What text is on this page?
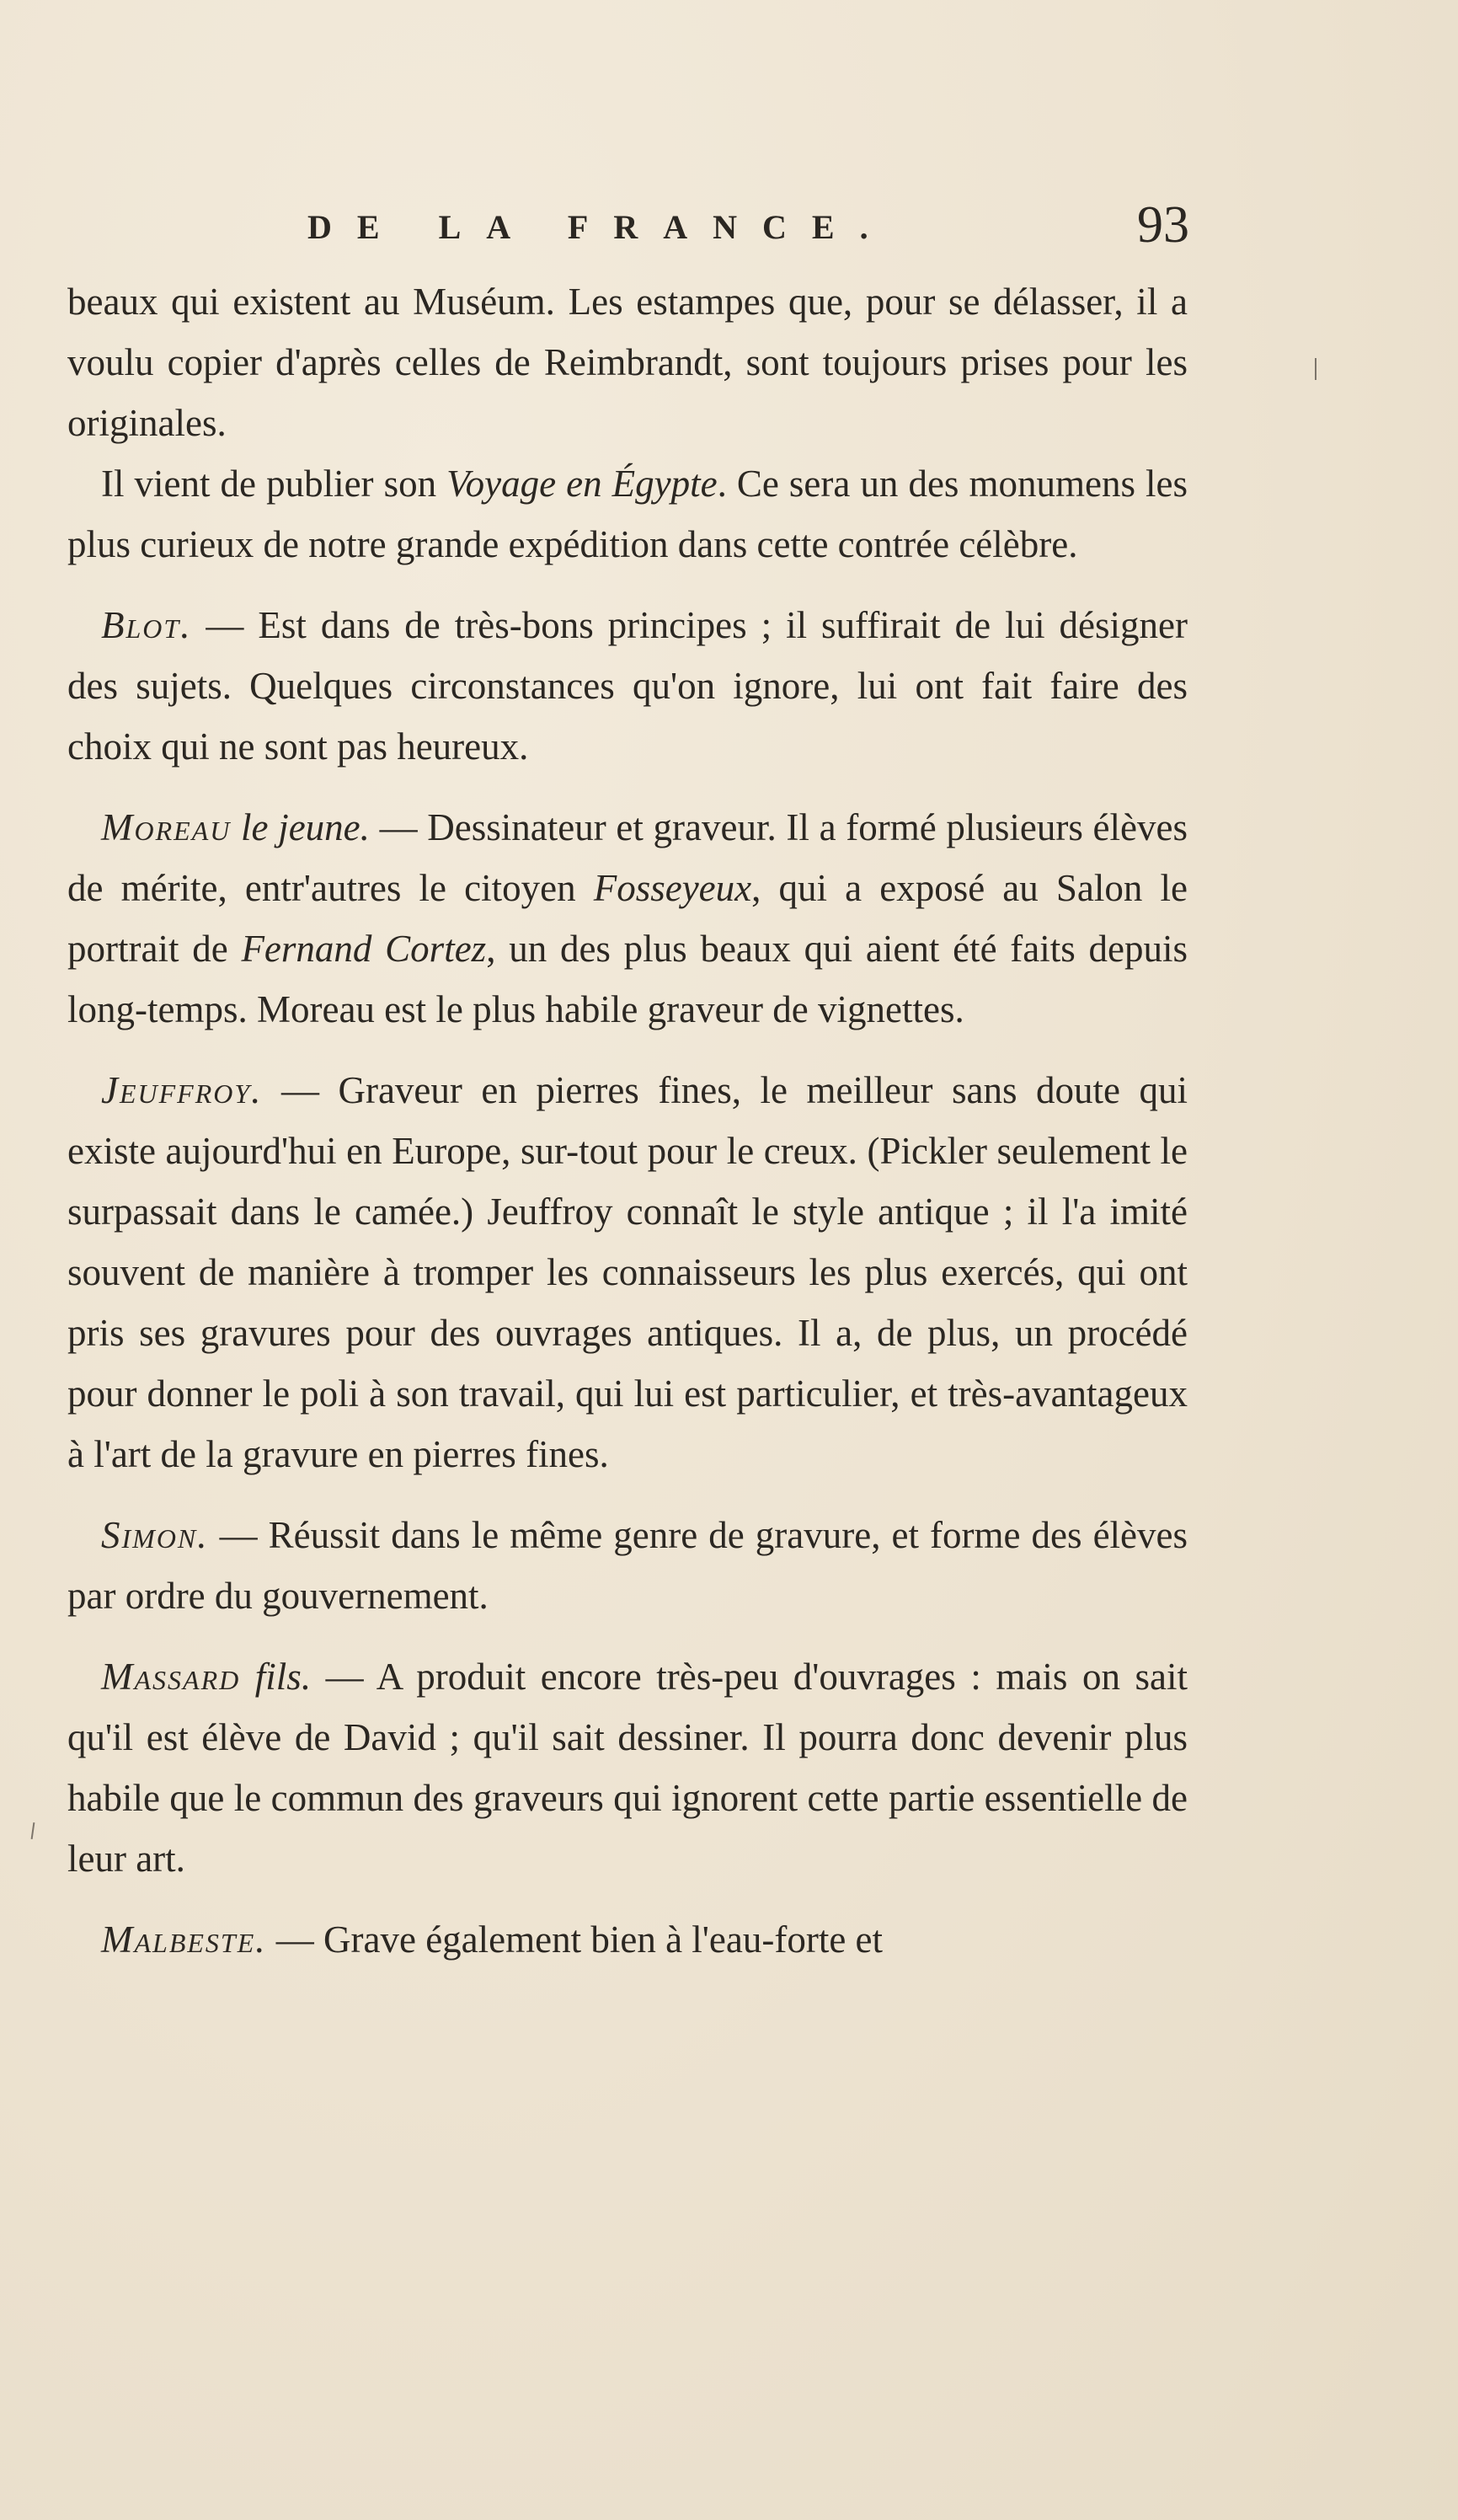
DE LA FRANCE.	93

beaux qui existent au Muséum. Les estampes que, pour se délasser, il a voulu copier d'après celles de Reimbrandt, sont toujours prises pour les originales.

Il vient de publier son Voyage en Égypte. Ce sera un des monumens les plus curieux de notre grande expédition dans cette contrée célèbre.

Blot. — Est dans de très-bons principes ; il suffirait de lui désigner des sujets. Quelques circonstances qu'on ignore, lui ont fait faire des choix qui ne sont pas heureux.

Moreau le jeune. — Dessinateur et graveur. Il a formé plusieurs élèves de mérite, entr'autres le citoyen Fosseyeux, qui a exposé au Salon le portrait de Fernand Cortez, un des plus beaux qui aient été faits depuis long-temps. Moreau est le plus habile graveur de vignettes.

Jeuffroy. — Graveur en pierres fines, le meilleur sans doute qui existe aujourd'hui en Europe, sur-tout pour le creux. (Pickler seulement le surpassait dans le camée.) Jeuffroy connaît le style antique ; il l'a imité souvent de manière à tromper les connaisseurs les plus exercés, qui ont pris ses gravures pour des ouvrages antiques. Il a, de plus, un procédé pour donner le poli à son travail, qui lui est particulier, et très-avantageux à l'art de la gravure en pierres fines.

Simon. — Réussit dans le même genre de gravure, et forme des élèves par ordre du gouvernement.

Massard fils. — A produit encore très-peu d'ouvrages : mais on sait qu'il est élève de David ; qu'il sait dessiner. Il pourra donc devenir plus habile que le commun des graveurs qui ignorent cette partie essentielle de leur art.

Malbeste. — Grave également bien à l'eau-forte et
